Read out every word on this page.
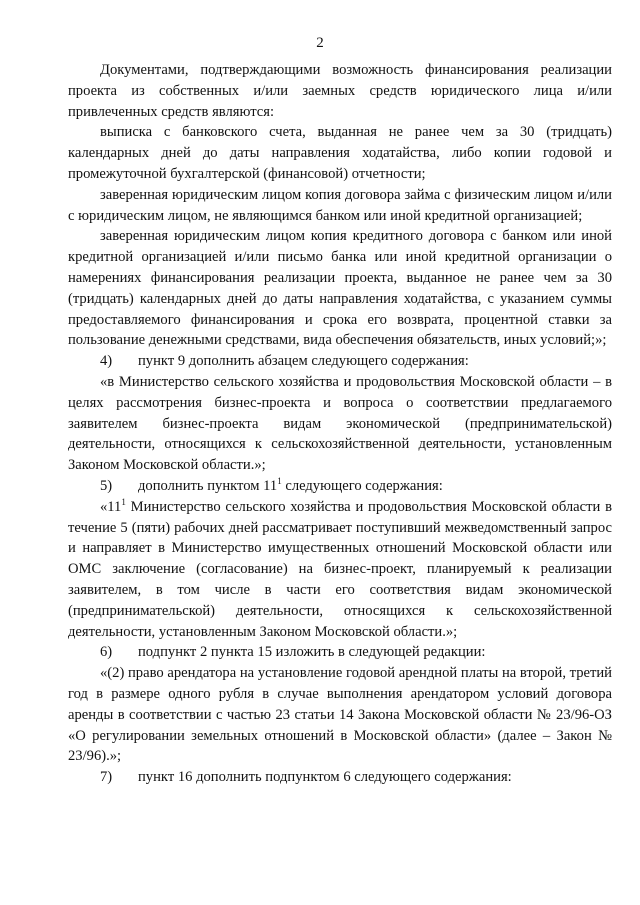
2

Документами, подтверждающими возможность финансирования реализации проекта из собственных и/или заемных средств юридического лица и/или привлеченных средств являются:

выписка с банковского счета, выданная не ранее чем за 30 (тридцать) календарных дней до даты направления ходатайства, либо копии годовой и промежуточной бухгалтерской (финансовой) отчетности;

заверенная юридическим лицом копия договора займа с физическим лицом и/или с юридическим лицом, не являющимся банком или иной кредитной организацией;

заверенная юридическим лицом копия кредитного договора с банком или иной кредитной организацией и/или письмо банка или иной кредитной организации о намерениях финансирования реализации проекта, выданное не ранее чем за 30 (тридцать) календарных дней до даты направления ходатайства, с указанием суммы предоставляемого финансирования и срока его возврата, процентной ставки за пользование денежными средствами, вида обеспечения обязательств, иных условий;»;

4) пункт 9 дополнить абзацем следующего содержания:

«в Министерство сельского хозяйства и продовольствия Московской области – в целях рассмотрения бизнес-проекта и вопроса о соответствии предлагаемого заявителем бизнес-проекта видам экономической (предпринимательской) деятельности, относящихся к сельскохозяйственной деятельности, установленным Законом Московской области.»;

5) дополнить пунктом $11^1$ следующего содержания:

«$11^1$ Министерство сельского хозяйства и продовольствия Московской области в течение 5 (пяти) рабочих дней рассматривает поступивший межведомственный запрос и направляет в Министерство имущественных отношений Московской области или ОМС заключение (согласование) на бизнес-проект, планируемый к реализации заявителем, в том числе в части его соответствия видам экономической (предпринимательской) деятельности, относящихся к сельскохозяйственной деятельности, установленным Законом Московской области.»;

6) подпункт 2 пункта 15 изложить в следующей редакции:

«(2) право арендатора на установление годовой арендной платы на второй, третий год в размере одного рубля в случае выполнения арендатором условий договора аренды в соответствии с частью 23 статьи 14 Закона Московской области № 23/96-ОЗ «О регулировании земельных отношений в Московской области» (далее – Закон № 23/96).»;

7) пункт 16 дополнить подпунктом 6 следующего содержания:
